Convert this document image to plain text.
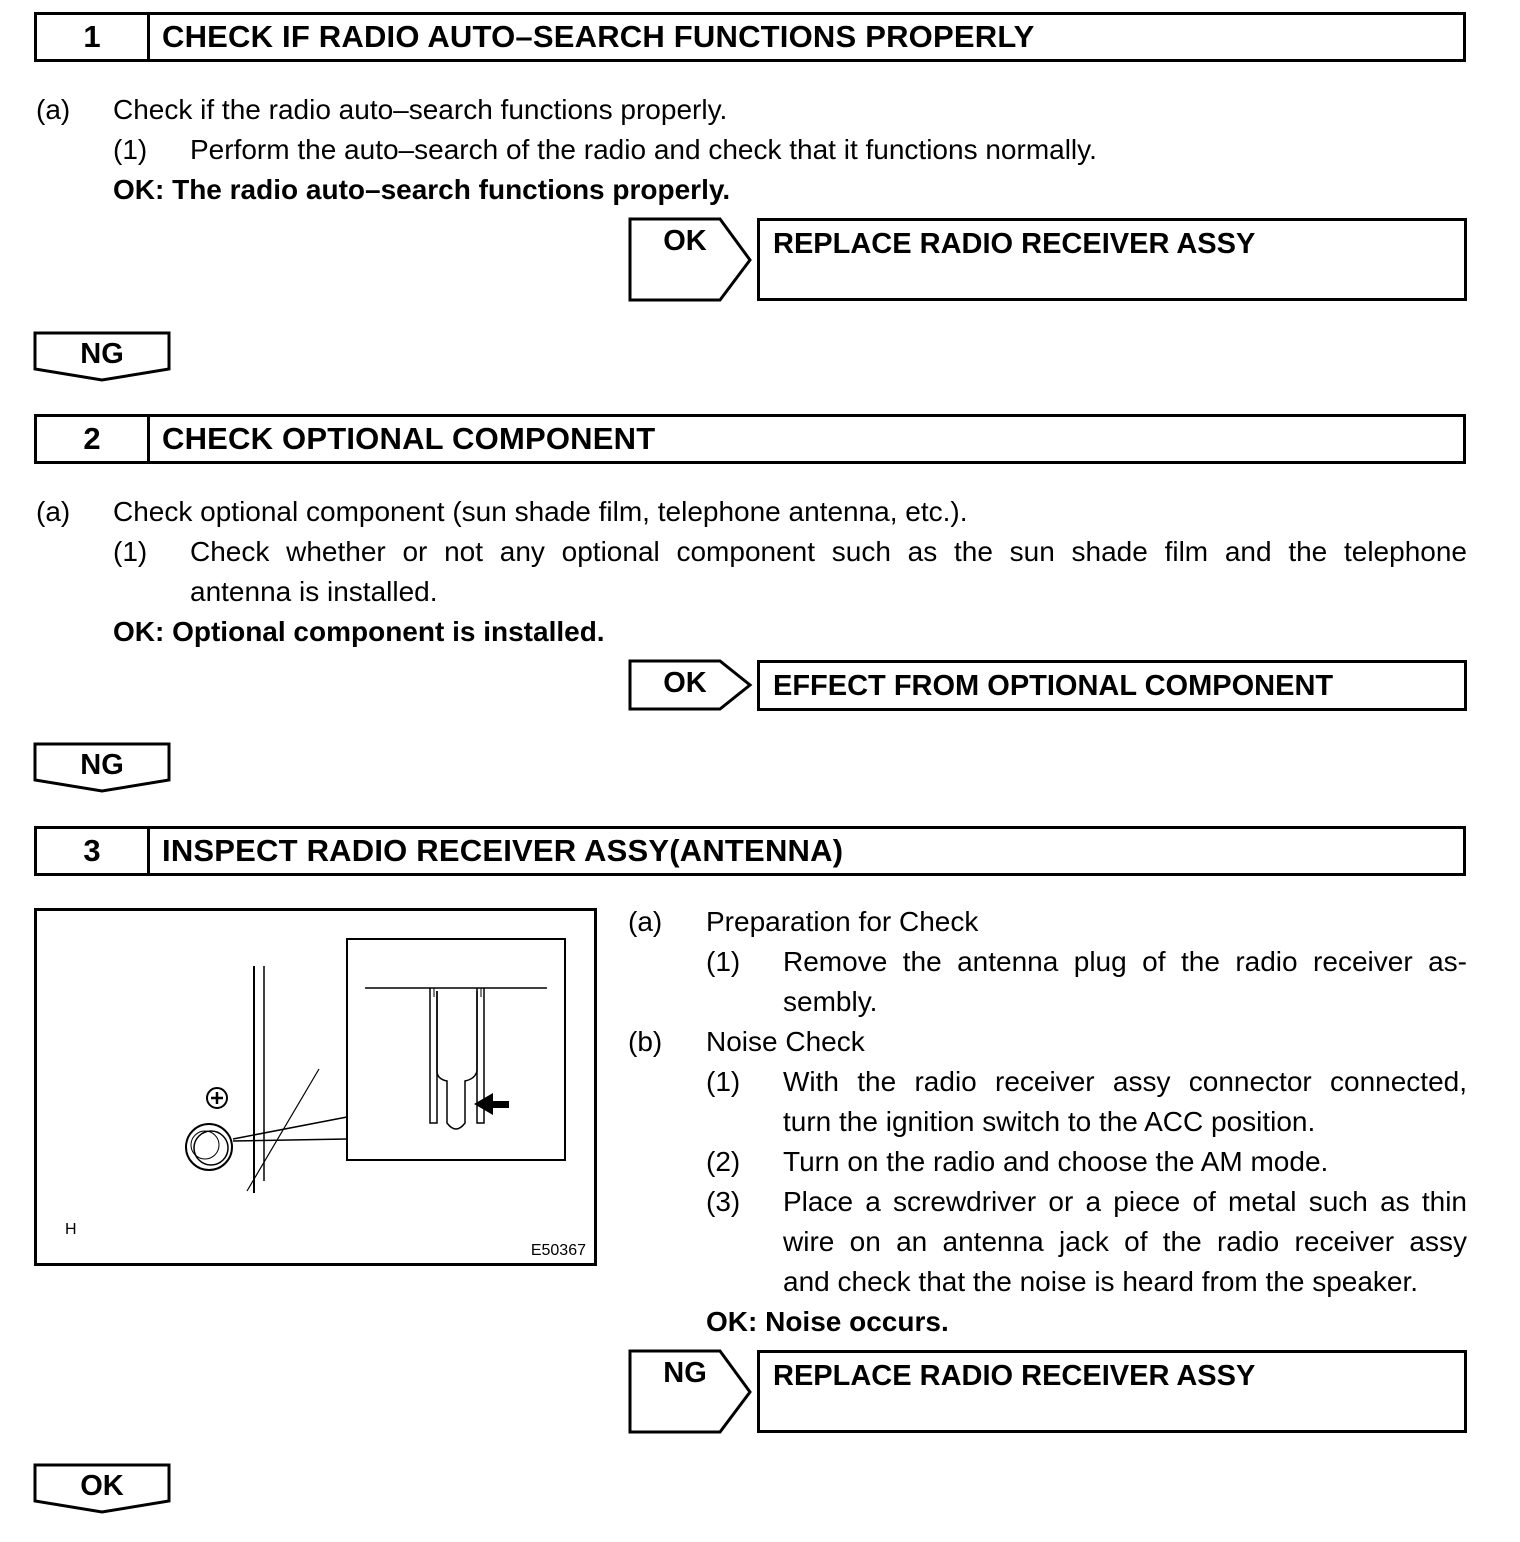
1	CHECK IF RADIO AUTO–SEARCH FUNCTIONS PROPERLY
(a) Check if the radio auto–search functions properly.
(1) Perform the auto–search of the radio and check that it functions normally.
OK: The radio auto–search functions properly.
OK	REPLACE RADIO RECEIVER ASSY
NG
2	CHECK OPTIONAL COMPONENT
(a) Check optional component (sun shade film, telephone antenna, etc.).
(1) Check whether or not any optional component such as the sun shade film and the telephone
antenna is installed.
OK: Optional component is installed.
OK	EFFECT FROM OPTIONAL COMPONENT
NG
3	INSPECT RADIO RECEIVER ASSY(ANTENNA)
H
E50367
(a) Preparation for Check
(1) Remove the antenna plug of the radio receiver as-
sembly.
(b) Noise Check
(1) With the radio receiver assy connector connected,
turn the ignition switch to the ACC position.
(2) Turn on the radio and choose the AM mode.
(3) Place a screwdriver or a piece of metal such as thin
wire on an antenna jack of the radio receiver assy
and check that the noise is heard from the speaker.
OK: Noise occurs.
NG	REPLACE RADIO RECEIVER ASSY
OK
